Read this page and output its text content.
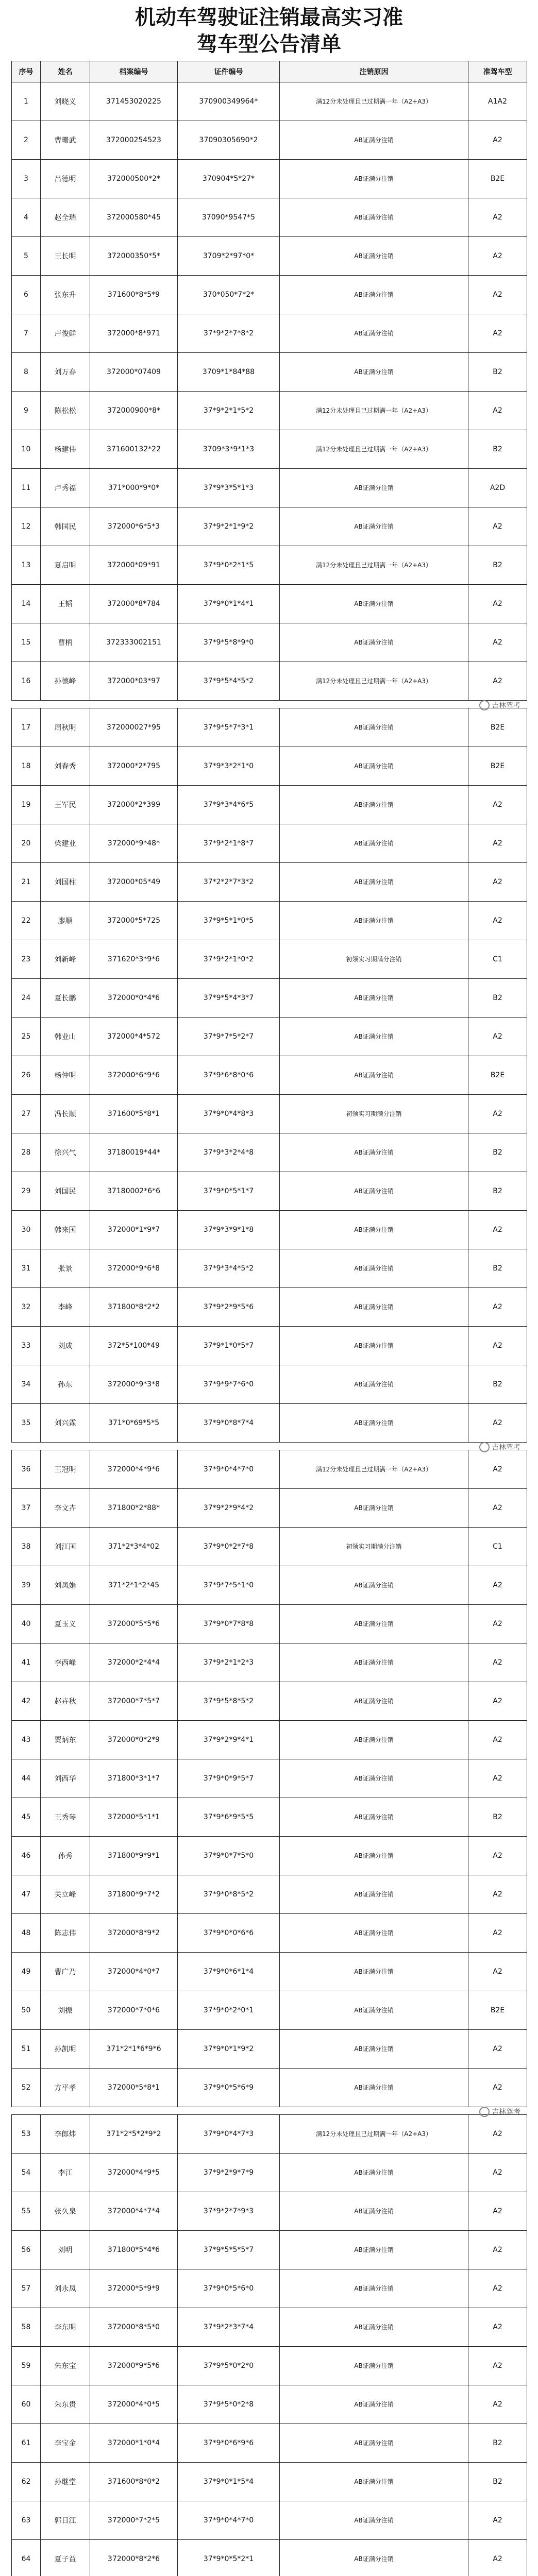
机动车驾驶证注销最高实习准
驾车型公告清单
序号	姓名	档案编号	证件编号	注销原因	准驾车型
1	刘晓义	371453020225	370900349964*	满12分未处理且已过期满一年（A2+A3）	A1A2
2	曹珊武	372000254523	37090305690*2	AB证满分注销	A2
3	吕德明	372000500*2*	370904*5*27*	AB证满分注销	B2E
4	赵全瑞	372000580*45	37090*9547*5	AB证满分注销	A2
5	王长明	372000350*5*	3709*2*97*0*	AB证满分注销	A2
6	张东升	371600*8*5*9	370*050*7*2*	AB证满分注销	A2
7	卢俊鲜	372000*8*971	37*9*2*7*8*2	AB证满分注销	A2
8	刘万春	372000*07409	3709*1*84*88	AB证满分注销	B2
9	陈松松	372000900*8*	37*9*2*1*5*2	满12分未处理且已过期满一年（A2+A3）	A2
10	杨建伟	371600132*22	3709*3*9*1*3	满12分未处理且已过期满一年（A2+A3）	B2
11	卢秀福	371*000*9*0*	37*9*3*5*1*3	AB证满分注销	A2D
12	韩国民	372000*6*5*3	37*9*2*1*9*2	AB证满分注销	A2
13	夏启明	372000*09*91	37*9*0*2*1*5	满12分未处理且已过期满一年（A2+A3）	B2
14	王韬	372000*8*784	37*9*0*1*4*1	AB证满分注销	A2
15	曹柄	372333002151	37*9*5*8*9*0	AB证满分注销	A2
16	孙德峰	372000*03*97	37*9*5*4*5*2	满12分未处理且已过期满一年（A2+A3）	A2

17	周秋明	372000027*95	37*9*5*7*3*1	AB证满分注销	B2E
18	刘春秀	372000*2*795	37*9*3*2*1*0	AB证满分注销	B2E
19	王军民	372000*2*399	37*9*3*4*6*5	AB证满分注销	A2
20	梁建业	372000*9*48*	37*9*2*1*8*7	AB证满分注销	A2
21	刘国柱	372000*05*49	37*2*2*7*3*2	AB证满分注销	A2
22	廖顺	372000*5*725	37*9*5*1*0*5	AB证满分注销	A2
23	刘新峰	371620*3*9*6	37*9*2*1*0*2	初领实习期满分注销	C1
24	夏长鹏	372000*0*4*6	37*9*5*4*3*7	AB证满分注销	B2
25	韩业山	372000*4*572	37*9*7*5*2*7	AB证满分注销	A2
26	杨仲明	372000*6*9*6	37*9*6*8*0*6	AB证满分注销	B2E
27	冯长顺	371600*5*8*1	37*9*0*4*8*3	初领实习期满分注销	A2
28	徐兴气	37180019*44*	37*9*3*2*4*8	AB证满分注销	B2
29	刘国民	37180002*6*6	37*9*0*5*1*7	AB证满分注销	B2
30	韩来国	372000*1*9*7	37*9*3*9*1*8	AB证满分注销	A2
31	张景	372000*9*6*8	37*9*3*4*5*2	AB证满分注销	B2
32	李峰	371800*8*2*2	37*9*2*9*5*6	AB证满分注销	A2
33	刘成	372*5*100*49	37*9*1*0*5*7	AB证满分注销	A2
34	孙东	372000*9*3*8	37*9*9*7*6*0	AB证满分注销	B2
35	刘兴霖	371*0*69*5*5	37*9*0*8*7*4	AB证满分注销	A2

36	王冠明	372000*4*9*6	37*9*0*4*7*0	满12分未处理且已过期满一年（A2+A3）	A2
37	李文卉	371800*2*88*	37*9*2*9*4*2	AB证满分注销	A2
38	刘江国	371*2*3*4*02	37*9*0*2*7*8	初领实习期满分注销	C1
39	刘凤娟	371*2*1*2*45	37*9*7*5*1*0	AB证满分注销	A2
40	夏玉义	372000*5*5*6	37*9*0*7*8*8	AB证满分注销	A2
41	李西峰	372000*2*4*4	37*9*2*1*2*3	AB证满分注销	A2
42	赵卉秋	372000*7*5*7	37*9*5*8*5*2	AB证满分注销	A2
43	贾炳东	372000*0*2*9	37*9*2*9*4*1	AB证满分注销	A2
44	刘西华	371800*3*1*7	37*9*0*9*5*7	AB证满分注销	A2
45	王秀琴	372000*5*1*1	37*9*6*9*5*5	AB证满分注销	B2
46	孙秀	371800*9*9*1	37*9*0*7*5*0	AB证满分注销	A2
47	关立峰	371800*9*7*2	37*9*0*8*5*2	AB证满分注销	A2
48	陈志伟	372000*8*9*2	37*9*0*0*6*6	AB证满分注销	A2
49	曹广乃	372000*4*0*7	37*9*0*6*1*4	AB证满分注销	A2
50	刘振	372000*7*0*6	37*9*0*2*0*1	AB证满分注销	B2E
51	孙凯明	371*2*1*6*9*6	37*9*0*1*9*2	AB证满分注销	A2
52	方平孝	372000*5*8*1	37*9*0*5*6*9	AB证满分注销	A2

53	李郎炜	371*2*5*2*9*2	37*9*0*4*7*3	满12分未处理且已过期满一年（A2+A3）	A2
54	李江	372000*4*9*5	37*9*2*9*7*9	AB证满分注销	A2
55	张久泉	372000*4*7*4	37*9*2*7*9*3	AB证满分注销	A2
56	刘明	371800*5*4*6	37*9*5*5*5*7	AB证满分注销	A2
57	刘永凤	372000*5*9*9	37*9*0*5*6*0	AB证满分注销	A2
58	李东明	372000*8*5*0	37*9*2*3*7*4	AB证满分注销	A2
59	朱东宝	372000*9*5*6	37*9*5*0*2*0	AB证满分注销	A2
60	朱东贵	372000*4*0*5	37*9*5*0*2*8	AB证满分注销	A2
61	李宝金	372000*1*0*4	37*9*0*6*9*6	AB证满分注销	B2
62	孙继堂	371600*8*0*2	37*9*0*1*5*4	AB证满分注销	B2
63	郭日江	372000*7*2*5	37*9*0*4*7*0	AB证满分注销	A2
64	夏子益	372000*8*2*6	37*9*0*5*2*1	AB证满分注销	A2

吉林驾考
吉林驾考
吉林驾考
